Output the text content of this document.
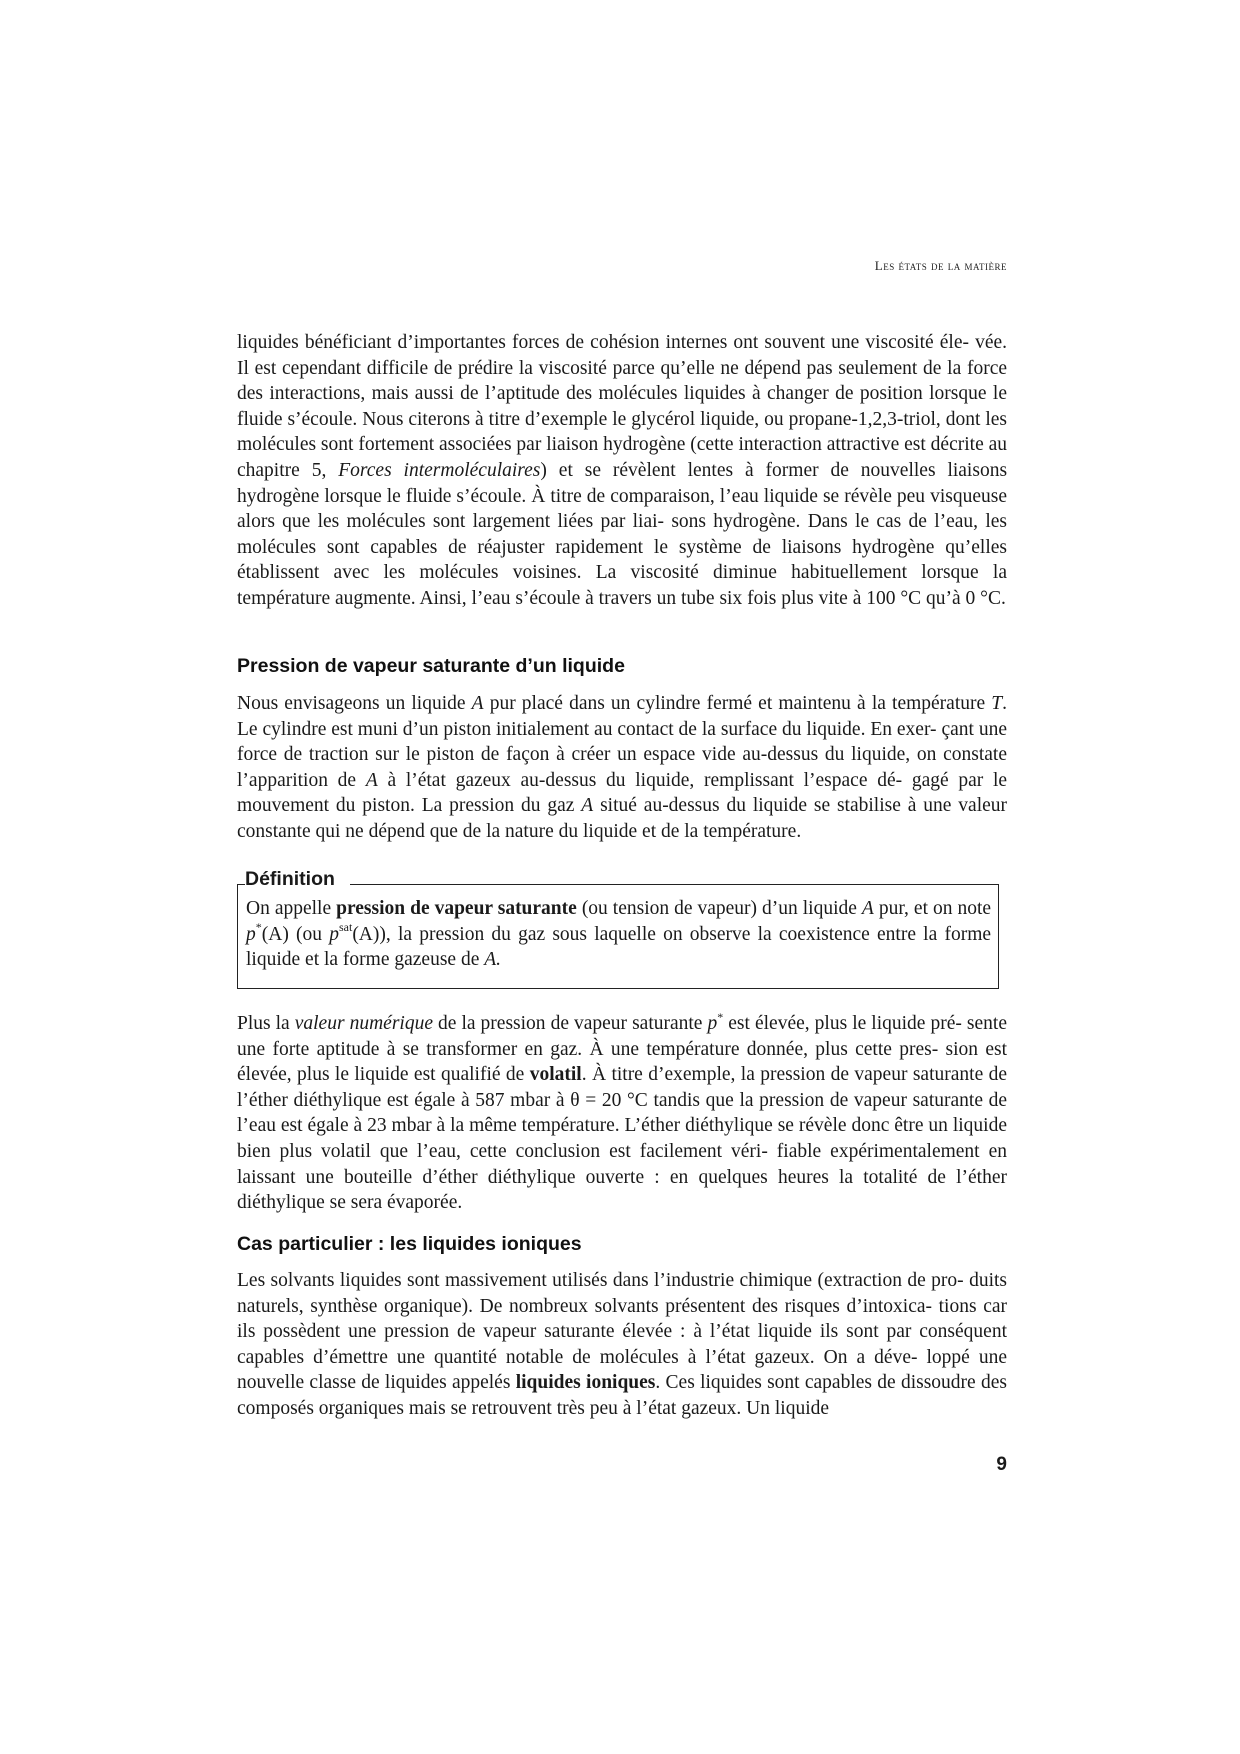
Les états de la matière

liquides bénéficiant d’importantes forces de cohésion internes ont souvent une viscosité éle- vée. Il est cependant difficile de prédire la viscosité parce qu’elle ne dépend pas seulement de la force des interactions, mais aussi de l’aptitude des molécules liquides à changer de position lorsque le fluide s’écoule. Nous citerons à titre d’exemple le glycérol liquide, ou propane-1,2,3-triol, dont les molécules sont fortement associées par liaison hydrogène (cette interaction attractive est décrite au chapitre 5, Forces intermoléculaires) et se révèlent lentes à former de nouvelles liaisons hydrogène lorsque le fluide s’écoule. À titre de comparaison, l’eau liquide se révèle peu visqueuse alors que les molécules sont largement liées par liai- sons hydrogène. Dans le cas de l’eau, les molécules sont capables de réajuster rapidement le système de liaisons hydrogène qu’elles établissent avec les molécules voisines. La viscosité diminue habituellement lorsque la température augmente. Ainsi, l’eau s’écoule à travers un tube six fois plus vite à 100 °C qu’à 0 °C.

Pression de vapeur saturante d’un liquide

Nous envisageons un liquide A pur placé dans un cylindre fermé et maintenu à la température T. Le cylindre est muni d’un piston initialement au contact de la surface du liquide. En exer- çant une force de traction sur le piston de façon à créer un espace vide au-dessus du liquide, on constate l’apparition de A à l’état gazeux au-dessus du liquide, remplissant l’espace dé- gagé par le mouvement du piston. La pression du gaz A situé au-dessus du liquide se stabilise à une valeur constante qui ne dépend que de la nature du liquide et de la température.

Définition

On appelle pression de vapeur saturante (ou tension de vapeur) d’un liquide A pur, et on note p*(A) (ou $p^{sat}(A)$), la pression du gaz sous laquelle on observe la coexistence entre la forme liquide et la forme gazeuse de A.

Plus la valeur numérique de la pression de vapeur saturante p* est élevée, plus le liquide pré- sente une forte aptitude à se transformer en gaz. À une température donnée, plus cette pres- sion est élevée, plus le liquide est qualifié de volatil. À titre d’exemple, la pression de vapeur saturante de l’éther diéthylique est égale à 587 mbar à θ = 20 °C tandis que la pression de vapeur saturante de l’eau est égale à 23 mbar à la même température. L’éther diéthylique se révèle donc être un liquide bien plus volatil que l’eau, cette conclusion est facilement véri- fiable expérimentalement en laissant une bouteille d’éther diéthylique ouverte : en quelques heures la totalité de l’éther diéthylique se sera évaporée.

Cas particulier : les liquides ioniques

Les solvants liquides sont massivement utilisés dans l’industrie chimique (extraction de pro- duits naturels, synthèse organique). De nombreux solvants présentent des risques d’intoxica- tions car ils possèdent une pression de vapeur saturante élevée : à l’état liquide ils sont par conséquent capables d’émettre une quantité notable de molécules à l’état gazeux. On a déve- loppé une nouvelle classe de liquides appelés liquides ioniques. Ces liquides sont capables de dissoudre des composés organiques mais se retrouvent très peu à l’état gazeux. Un liquide

9
